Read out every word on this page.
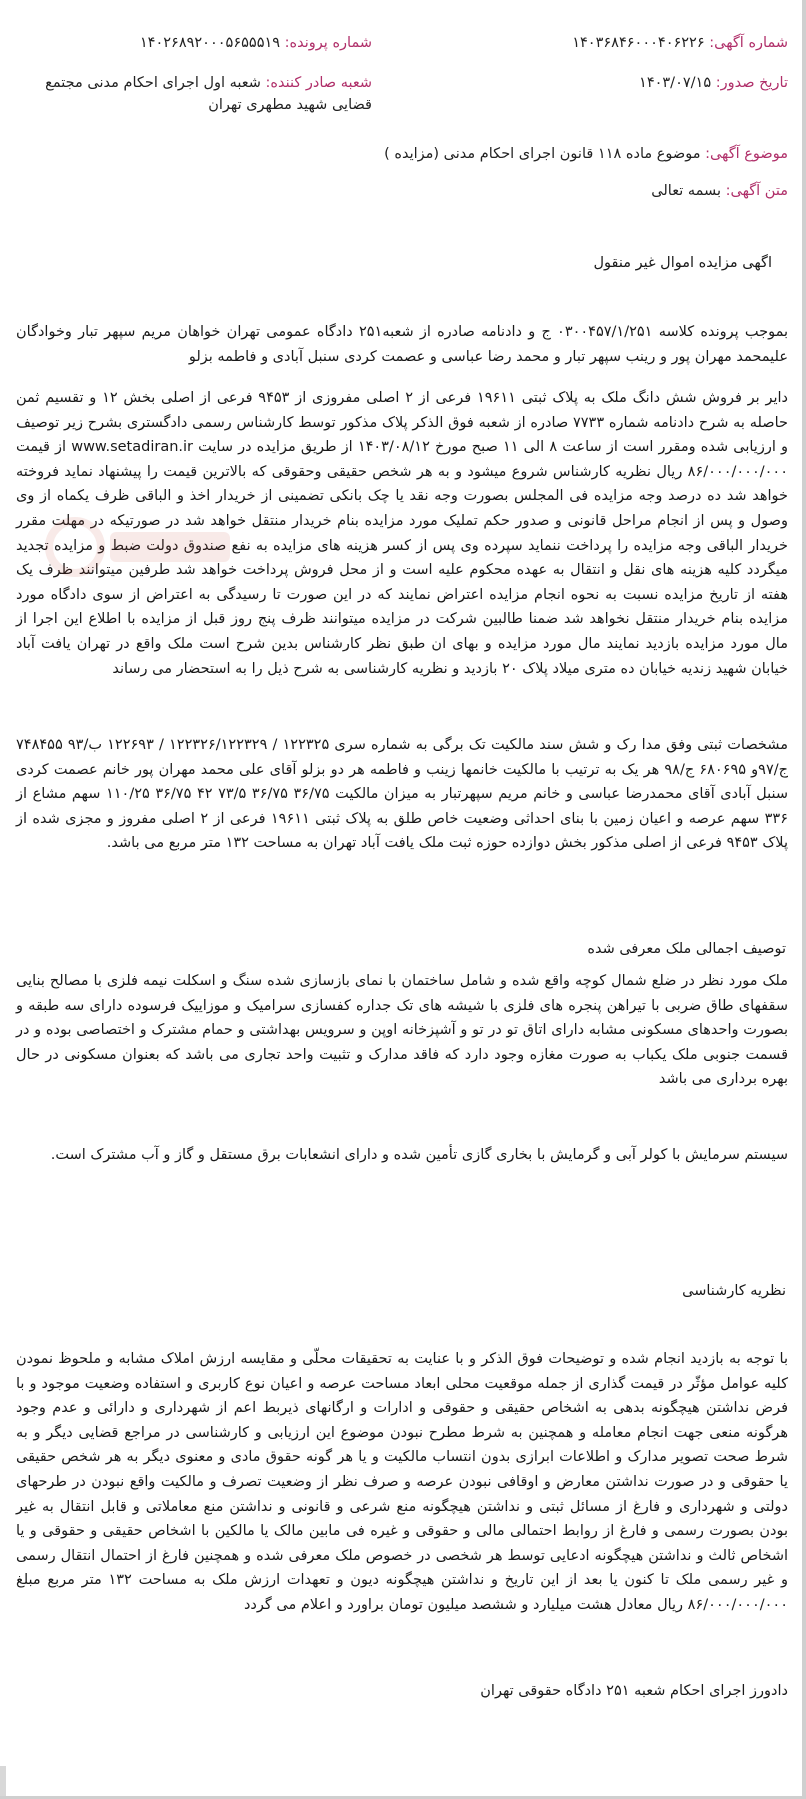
شماره آگهی: ۱۴۰۳۶۸۴۶۰۰۰۴۰۶۲۲۶
شماره پرونده: ۱۴۰۲۶۸۹۲۰۰۰۵۶۵۵۵۱۹
تاریخ صدور: ۱۴۰۳/۰۷/۱۵
شعبه صادر کننده: شعبه اول اجرای احکام مدنی مجتمع قضایی شهید مطهری تهران
موضوع آگهی: موضوع ماده ۱۱۸ قانون اجرای احکام مدنی (مزایده )
متن آگهی: بسمه تعالی
اگهی مزایده اموال غیر منقول
بموجب پرونده کلاسه ۰۳۰۰۴۵۷/۱/۲۵۱ ج و دادنامه صادره از شعبه۲۵۱ دادگاه عمومی تهران خواهان مریم سپهر تبار وخوادگان علیمحمد مهران پور و رینب سپهر تبار و محمد رضا عباسی و عصمت کردی سنبل آبادی و فاطمه بزلو
دایر بر فروش شش دانگ ملک به پلاک ثبتی ۱۹۶۱۱ فرعی از ۲ اصلی مفروزی از ۹۴۵۳ فرعی از اصلی بخش ۱۲ و تقسیم ثمن حاصله به شرح دادنامه شماره ۷۷۳۳ صادره از شعبه فوق الذکر پلاک مذکور توسط کارشناس رسمی دادگستری بشرح زیر توصیف و ارزیابی شده ومقرر است از ساعت ۸ الی ۱۱ صبح مورخ ۱۴۰۳/۰۸/۱۲ از طریق مزایده در سایت www.setadiran.ir از قیمت ۸۶/۰۰۰/۰۰۰/۰۰۰ ریال نظریه کارشناس شروع میشود و به هر شخص حقیقی وحقوقی که بالاترین قیمت را پیشنهاد نماید فروخته خواهد شد ده درصد وجه مزایده فی المجلس بصورت وجه نقد یا چک بانکی تضمینی از خریدار اخذ و الباقی ظرف یکماه از وی وصول و پس از انجام مراحل قانونی و صدور حکم تملیک مورد مزایده بنام خریدار منتقل خواهد شد در صورتیکه در مهلت مقرر خریدار الباقی وجه مزایده را پرداخت ننماید سپرده وی پس از کسر هزینه های مزایده به نفع صندوق دولت ضبط و مزایده تجدید میگردد کلیه هزینه های نقل و انتقال به عهده محکوم علیه است و از محل فروش پرداخت خواهد شد طرفین میتوانند ظرف یک هفته از تاریخ مزایده نسبت به نحوه انجام مزایده اعتراض نمایند که در این صورت تا رسیدگی به اعتراض از سوی دادگاه مورد مزایده بنام خریدار منتقل نخواهد شد ضمنا طالبین شرکت در مزایده میتوانند ظرف پنج روز قبل از مزایده با اطلاع این اجرا از مال مورد مزایده بازدید نمایند مال مورد مزایده و بهای ان طبق نظر کارشناس بدین شرح است ملک واقع در تهران یافت آباد خیابان شهید زندیه خیابان ده متری میلاد پلاک ۲۰ بازدید و نظریه کارشناسی به شرح ذیل را به استحضار می رساند
مشخصات ثبتی وفق مدا رک و شش سند مالکیت تک برگی به شماره سری ۱۲۲۳۲۵ / ۱۲۲۳۲۶/۱۲۲۳۲۹ / ۱۲۲۶۹۳ ب/۹۳ ۷۴۸۴۵۵ ج/۹۷و ۶۸۰۶۹۵ ج/۹۸ هر یک به ترتیب با مالکیت خانمها زینب و فاطمه هر دو بزلو آقای علی محمد مهران پور خانم عصمت کردی سنبل آبادی آقای محمدرضا عباسی و خانم مریم سپهرتبار به میزان مالکیت ۳۶/۷۵ ۳۶/۷۵ ۷۳/۵ ۴۲ ۳۶/۷۵ ۱۱۰/۲۵ سهم مشاع از ۳۳۶ سهم عرصه و اعیان زمین با بنای احداثی وضعیت خاص طلق به پلاک ثبتی ۱۹۶۱۱ فرعی از ۲ اصلی مفروز و مجزی شده از پلاک ۹۴۵۳ فرعی از اصلی مذکور بخش دوازده حوزه ثبت ملک یافت آباد تهران به مساحت ۱۳۲ متر مربع می باشد.
توصیف اجمالی ملک معرفی شده
ملک مورد نظر در ضلع شمال کوچه واقع شده و شامل ساختمان با نمای بازسازی شده سنگ و اسکلت نیمه فلزی با مصالح بنایی سقفهای طاق ضربی با تیراهن پنجره های فلزی با شیشه های تک جداره کفسازی سرامیک و موزاییک فرسوده دارای سه طبقه و بصورت واحدهای مسکونی مشابه دارای اتاق تو در تو و آشپزخانه اوپن و سرویس بهداشتی و حمام مشترک و اختصاصی بوده و در قسمت جنوبی ملک یکباب به صورت مغازه وجود دارد که فاقد مدارک و تثبیت واحد تجاری می باشد که بعنوان مسکونی در حال بهره برداری می باشد
سیستم سرمایش با کولر آبی و گرمایش با بخاری گازی تأمین شده و دارای انشعابات برق مستقل و گاز و آب مشترک است.
نظریه کارشناسی
با توجه به بازدید انجام شده و توضیحات فوق الذکر و با عنایت به تحقیقات محلّی و مقایسه ارزش املاک مشابه و ملحوظ نمودن کلیه عوامل مؤثّر در قیمت گذاری از جمله موقعیت محلی ابعاد مساحت عرصه و اعیان نوع کاربری و استفاده وضعیت موجود و با فرض نداشتن هیچگونه بدهی به اشخاص حقیقی و حقوقی و ادارات و ارگانهای ذیربط اعم از شهرداری و دارائی و عدم وجود هرگونه منعی جهت انجام معامله و همچنین به شرط مطرح نبودن موضوع این ارزیابی و کارشناسی در مراجع قضایی دیگر و به شرط صحت تصویر مدارک و اطلاعات ابرازی بدون انتساب مالکیت و یا هر گونه حقوق مادی و معنوی دیگر به هر شخص حقیقی یا حقوقی و در صورت نداشتن معارض و اوقافی نبودن عرصه و صرف نظر از وضعیت تصرف و مالکیت واقع نبودن در طرحهای دولتی و شهرداری و فارغ از مسائل ثبتی و نداشتن هیچگونه منع شرعی و قانونی و نداشتن منع معاملاتی و قابل انتقال به غیر بودن بصورت رسمی و فارغ از روابط احتمالی مالی و حقوقی و غیره فی مابین مالک یا مالکین با اشخاص حقیقی و حقوقی و یا اشخاص ثالث و نداشتن هیچگونه ادعایی توسط هر شخصی در خصوص ملک معرفی شده و همچنین فارغ از احتمال انتقال رسمی و غیر رسمی ملک تا کنون یا بعد از این تاریخ و نداشتن هیچگونه دیون و تعهدات ارزش ملک به مساحت ۱۳۲ متر مربع مبلغ ۸۶/۰۰۰/۰۰۰/۰۰۰ ریال معادل هشت میلیارد و ششصد میلیون تومان براورد و اعلام می گردد
دادورز اجرای احکام شعبه ۲۵۱ دادگاه حقوقی تهران
